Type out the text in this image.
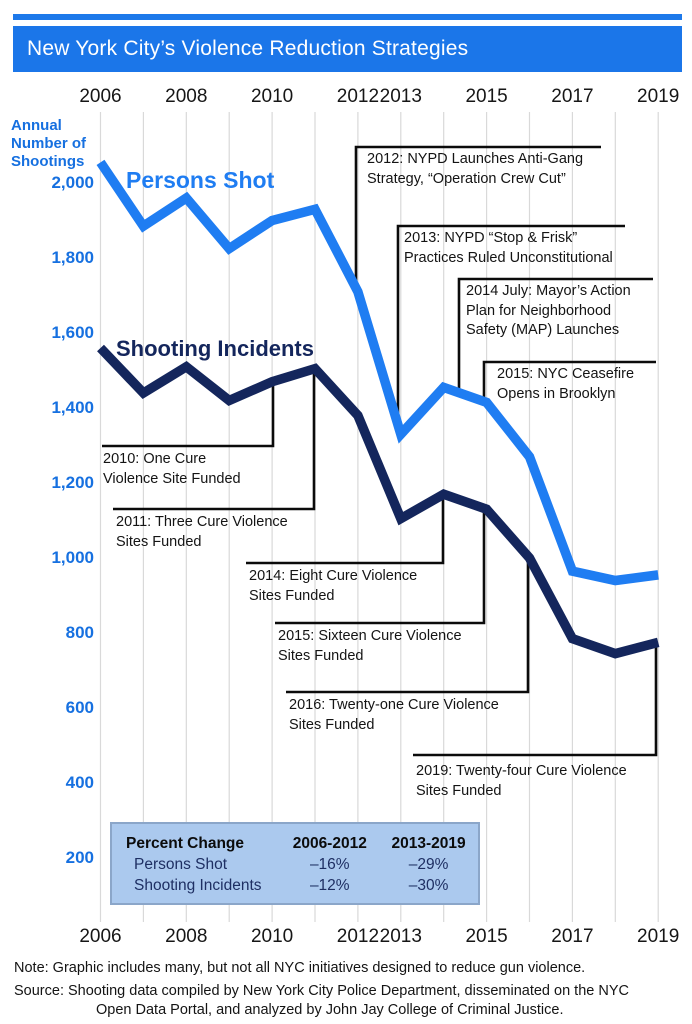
New York City’s Violence Reduction Strategies
Annual Number of Shootings
2006	2008	2010	2012 2013	2015	2017	2019
2006	2008	2010	2012 2013	2015	2017	2019
2,000
1,800
1,600
1,400
1,200
1,000
800
600
400
200
Persons Shot
Shooting Incidents
2012: NYPD Launches Anti-Gang
Strategy, “Operation Crew Cut”
2013: NYPD “Stop & Frisk”
Practices Ruled Unconstitutional
2014 July: Mayor’s Action
Plan for Neighborhood
Safety (MAP) Launches
2015: NYC Ceasefire
Opens in Brooklyn
2010: One Cure
Violence Site Funded
2011: Three Cure Violence
Sites Funded
2014: Eight Cure Violence
Sites Funded
2015: Sixteen Cure Violence
Sites Funded
2016: Twenty-one Cure Violence
Sites Funded
2019: Twenty-four Cure Violence
Sites Funded
Percent Change	2006-2012	2013-2019
Persons Shot	–16%	–29%
Shooting Incidents	–12%	–30%
Note: Graphic includes many, but not all NYC initiatives designed to reduce gun violence.
Source: Shooting data compiled by New York City Police Department, disseminated on the NYC
Open Data Portal, and analyzed by John Jay College of Criminal Justice.
